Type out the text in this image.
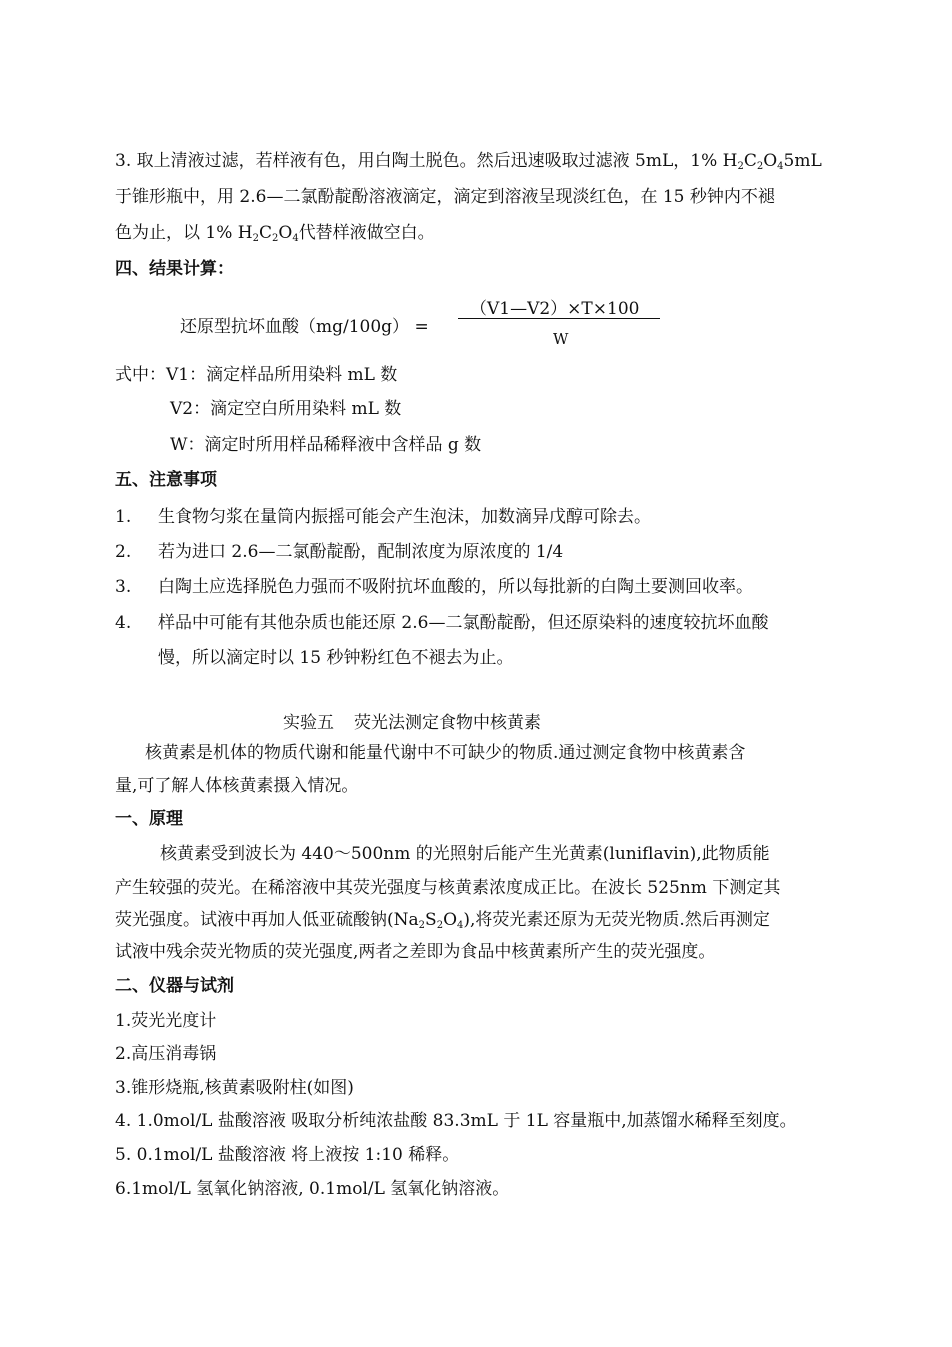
3. 取上清液过滤，若样液有色，用白陶土脱色。然后迅速吸取过滤液 5mL，1% $H_2C_2O_45mL$
于锥形瓶中，用 2.6—二氯酚靛酚溶液滴定，滴定到溶液呈现淡红色，在 15 秒钟内不褪
色为止，以 1% $H_2C_2O_4$代替样液做空白。
四、结果计算：
还原型抗坏血酸（mg/100g） =
（V1—V2）×T×100
W
式中：V1：滴定样品所用染料 mL 数
V2：滴定空白所用染料 mL 数
W：滴定时所用样品稀释液中含样品 g 数
五、注意事项
1. 生食物匀浆在量筒内振摇可能会产生泡沫，加数滴异戊醇可除去。
2. 若为进口 2.6—二氯酚靛酚，配制浓度为原浓度的 1/4
3. 白陶土应选择脱色力强而不吸附抗坏血酸的，所以每批新的白陶土要测回收率。
4. 样品中可能有其他杂质也能还原 2.6—二氯酚靛酚，但还原染料的速度较抗坏血酸
慢，所以滴定时以 15 秒钟粉红色不褪去为止。
实验五 荧光法测定食物中核黄素
核黄素是机体的物质代谢和能量代谢中不可缺少的物质.通过测定食物中核黄素含
量,可了解人体核黄素摄入情况。
一、原理
核黄素受到波长为 440～500nm 的光照射后能产生光黄素(luniflavin),此物质能
产生较强的荧光。在稀溶液中其荧光强度与核黄素浓度成正比。在波长 525nm 下测定其
荧光强度。试液中再加人低亚硫酸钠$(Na_2S_2O_4)$,将荧光素还原为无荧光物质.然后再测定
试液中残余荧光物质的荧光强度,两者之差即为食品中核黄素所产生的荧光强度。
二、仪器与试剂
1.荧光光度计
2.高压消毒锅
3.锥形烧瓶,核黄素吸附柱(如图)
4. 1.0mol/L 盐酸溶液 吸取分析纯浓盐酸 83.3mL 于 1L 容量瓶中,加蒸馏水稀释至刻度。
5. 0.1mol/L 盐酸溶液 将上液按 1:10 稀释。
6.1mol/L 氢氧化钠溶液, 0.1mol/L 氢氧化钠溶液。
